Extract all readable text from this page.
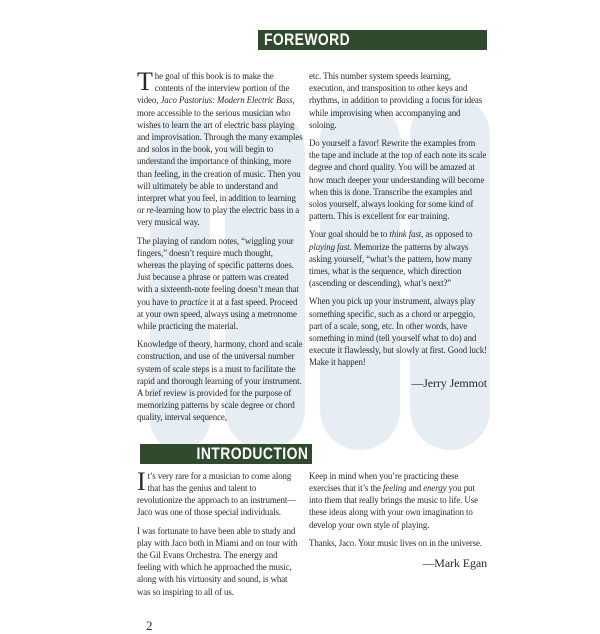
FOREWORD

The goal of this book is to make the contents of the interview portion of the video, Jaco Pastorius: Modern Electric Bass, more accessible to the serious musician who wishes to learn the art of electric bass playing and improvisation. Through the many examples and solos in the book, you will begin to understand the importance of thinking, more than feeling, in the creation of music. Then you will ultimately be able to understand and interpret what you feel, in addition to learning or re-learning how to play the electric bass in a very musical way.

The playing of random notes, “wiggling your fingers,” doesn’t require much thought, whereas the playing of specific patterns does. Just because a phrase or pattern was created with a sixteenth-note feeling doesn’t mean that you have to practice it at a fast speed. Proceed at your own speed, always using a metronome while practicing the material.

Knowledge of theory, harmony, chord and scale construction, and use of the universal number system of scale steps is a must to facilitate the rapid and thorough learning of your instrument. A brief review is provided for the purpose of memorizing patterns by scale degree or chord quality, interval sequence,

etc. This number system speeds learning, execution, and transposition to other keys and rhythms, in addition to providing a focus for ideas while improvising when accompanying and soloing.

Do yourself a favor! Rewrite the examples from the tape and include at the top of each note its scale degree and chord quality. You will be amazed at how much deeper your understanding will become when this is done. Transcribe the examples and solos yourself, always looking for some kind of pattern. This is excellent for ear training.

Your goal should be to think fast, as opposed to playing fast. Memorize the patterns by always asking yourself, “what’s the pattern, how many times, what is the sequence, which direction (ascending or descending), what’s next?”

When you pick up your instrument, always play something specific, such as a chord or arpeggio, part of a scale, song, etc. In other words, have something in mind (tell yourself what to do) and execute it flawlessly, but slowly at first. Good luck! Make it happen!

—Jerry Jemmot
INTRODUCTION

It’s very rare for a musician to come along that has the genius and talent to revolutionize the approach to an instrument—Jaco was one of those special individuals.

I was fortunate to have been able to study and play with Jaco both in Miami and on tour with the Gil Evans Orchestra. The energy and feeling with which he approached the music, along with his virtuosity and sound, is what was so inspiring to all of us.

Keep in mind when you’re practicing these exercises that it’s the feeling and energy you put into them that really brings the music to life. Use these ideas along with your own imagination to develop your own style of playing.

Thanks, Jaco. Your music lives on in the universe.

—Mark Egan
2
